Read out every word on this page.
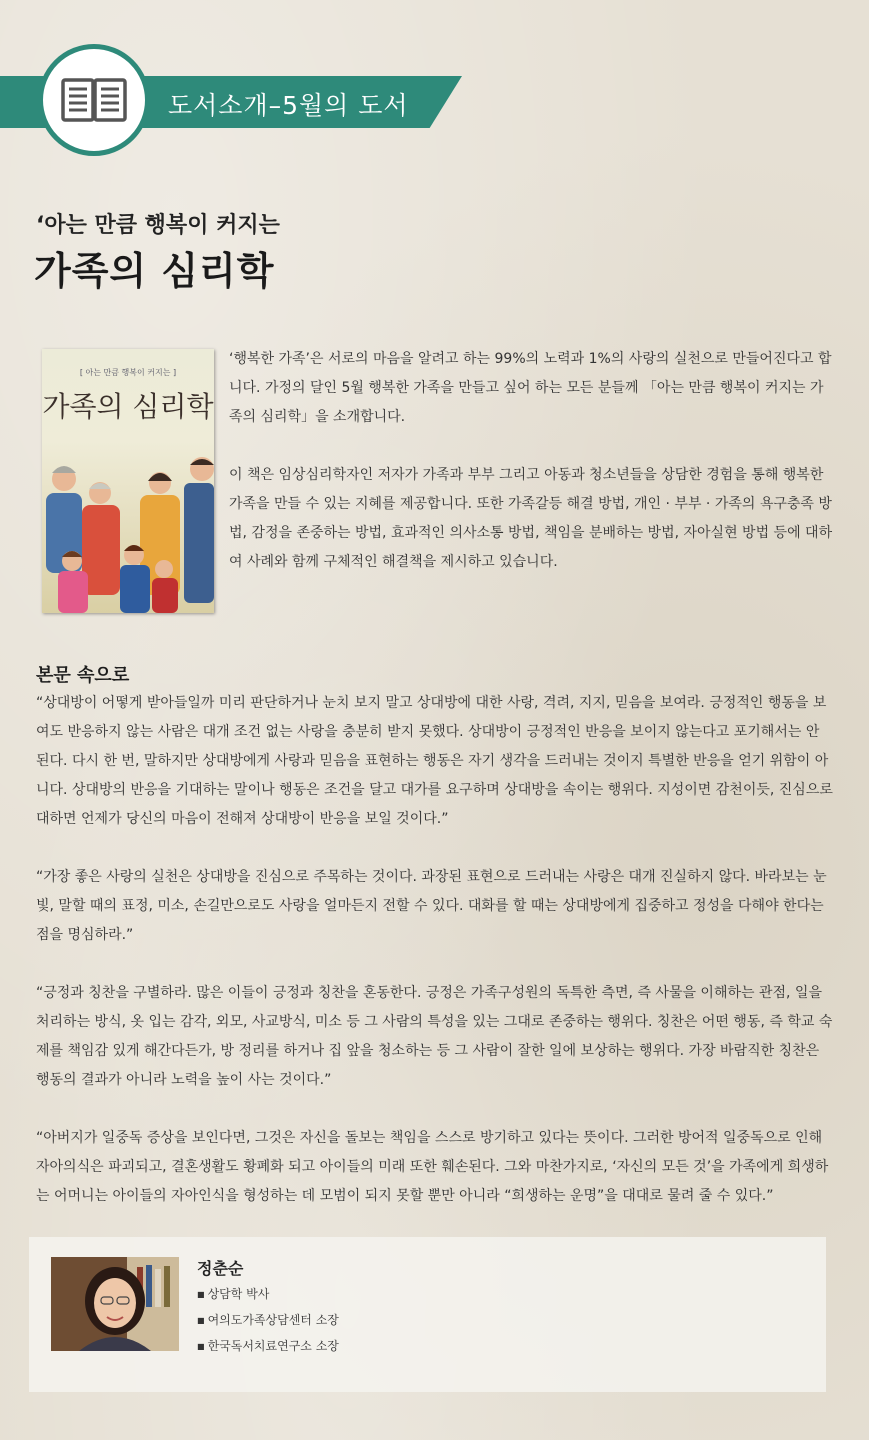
도서소개–5월의 도서
‘아는 만큼 행복이 커지는
가족의 심리학
[ 아는 만큼 행복이 커지는 ]
가족의 심리학

‘행복한 가족’은 서로의 마음을 알려고 하는 99%의 노력과 1%의 사랑의 실천으로 만들어진다고 합니다. 가정의 달인 5월 행복한 가족을 만들고 싶어 하는 모든 분들께 「아는 만큼 행복이 커지는 가족의 심리학」을 소개합니다.

이 책은 임상심리학자인 저자가 가족과 부부 그리고 아동과 청소년들을 상담한 경험을 통해 행복한 가족을 만들 수 있는 지혜를 제공합니다. 또한 가족갈등 해결 방법, 개인 · 부부 · 가족의 욕구충족 방법, 감정을 존중하는 방법, 효과적인 의사소통 방법, 책임을 분배하는 방법, 자아실현 방법 등에 대하여 사례와 함께 구체적인 해결책을 제시하고 있습니다.

본문 속으로

“상대방이 어떻게 받아들일까 미리 판단하거나 눈치 보지 말고 상대방에 대한 사랑, 격려, 지지, 믿음을 보여라. 긍정적인 행동을 보여도 반응하지 않는 사람은 대개 조건 없는 사랑을 충분히 받지 못했다. 상대방이 긍정적인 반응을 보이지 않는다고 포기해서는 안 된다. 다시 한 번, 말하지만 상대방에게 사랑과 믿음을 표현하는 행동은 자기 생각을 드러내는 것이지 특별한 반응을 얻기 위함이 아니다. 상대방의 반응을 기대하는 말이나 행동은 조건을 달고 대가를 요구하며 상대방을 속이는 행위다. 지성이면 감천이듯, 진심으로 대하면 언제가 당신의 마음이 전해져 상대방이 반응을 보일 것이다.”

“가장 좋은 사랑의 실천은 상대방을 진심으로 주목하는 것이다. 과장된 표현으로 드러내는 사랑은 대개 진실하지 않다. 바라보는 눈빛, 말할 때의 표정, 미소, 손길만으로도 사랑을 얼마든지 전할 수 있다. 대화를 할 때는 상대방에게 집중하고 정성을 다해야 한다는 점을 명심하라.”

“긍정과 칭찬을 구별하라. 많은 이들이 긍정과 칭찬을 혼동한다. 긍정은 가족구성원의 독특한 측면, 즉 사물을 이해하는 관점, 일을 처리하는 방식, 옷 입는 감각, 외모, 사교방식, 미소 등 그 사람의 특성을 있는 그대로 존중하는 행위다. 칭찬은 어떤 행동, 즉 학교 숙제를 책임감 있게 해간다든가, 방 정리를 하거나 집 앞을 청소하는 등 그 사람이 잘한 일에 보상하는 행위다. 가장 바람직한 칭찬은 행동의 결과가 아니라 노력을 높이 사는 것이다.”

“아버지가 일중독 증상을 보인다면, 그것은 자신을 돌보는 책임을 스스로 방기하고 있다는 뜻이다. 그러한 방어적 일중독으로 인해 자아의식은 파괴되고, 결혼생활도 황폐화 되고 아이들의 미래 또한 훼손된다. 그와 마찬가지로, ‘자신의 모든 것’을 가족에게 희생하는 어머니는 아이들의 자아인식을 형성하는 데 모범이 되지 못할 뿐만 아니라 “희생하는 운명”을 대대로 물려 줄 수 있다.”

정춘순
■ 상담학 박사
■ 여의도가족상담센터 소장
■ 한국독서치료연구소 소장
